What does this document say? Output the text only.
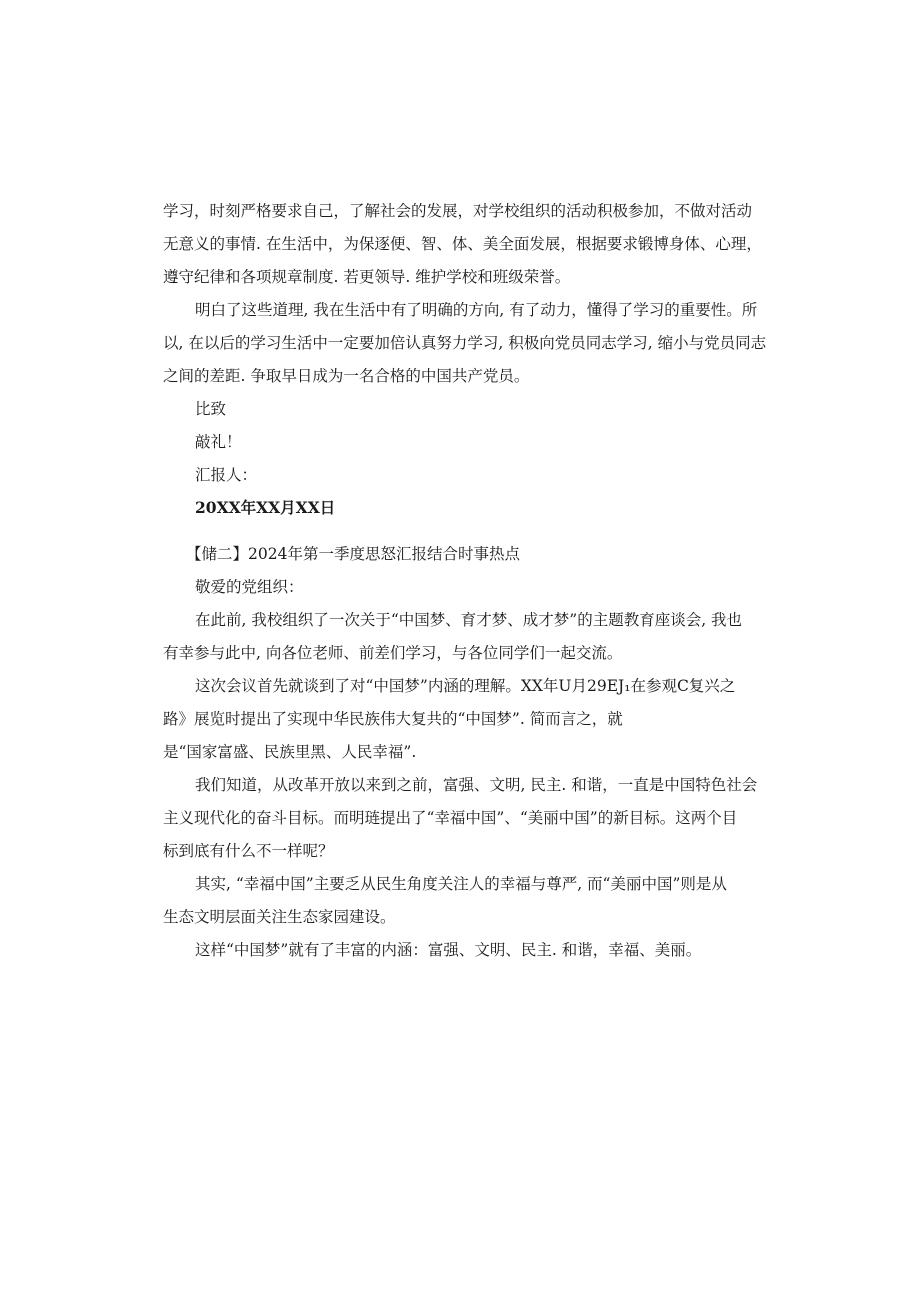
学习，时刻严格要求自己，了解社会的发展，对学校组织的活动积极参加，不做对活动
无意义的事情. 在生活中，为保逐便、智、体、美全面发展，根据要求锻博身体、心理，
遵守纪律和各项规章制度. 若更领导. 维护学校和班级荣誉。
明白了这些道理, 我在生活中有了明确的方向, 有了动力，懂得了学习的重要性。所
以, 在以后的学习生活中一定要加倍认真努力学习, 积极向党员同志学习, 缩小与党员同志
之间的差距. 争取早日成为一名合格的中国共产党员。
比致
敲礼！
汇报人：
20XX年XX月XX日
【储二】2024年第一季度思怒汇报结合时事热点
敬爱的党组织：
在此前, 我校组织了一次关于“中国梦、育才梦、成才梦”的主题教育座谈会, 我也
有幸参与此中, 向各位老师、前差们学习，与各位同学们一起交流。
这次会议首先就谈到了对“中国梦”内涵的理解。XX年U月29EJ₁在参观C复兴之
路》展览时提出了实现中华民族伟大复共的“中国梦”. 简而言之，就
是“国家富盛、民族里黑、人民幸福”.
我们知道，从改革开放以来到之前，富强、文明, 民主. 和谐，一直是中国特色社会
主义现代化的奋斗目标。而明琏提出了“幸福中国”、“美丽中国”的新目标。这两个目
标到底有什么不一样呢？
其实, “幸福中国”主要乏从民生角度关注人的幸福与尊严, 而“美丽中国”则是从
生态文明层面关注生态家园建设。
这样“中国梦”就有了丰富的内涵：富强、文明、民主. 和谐，幸福、美丽。
